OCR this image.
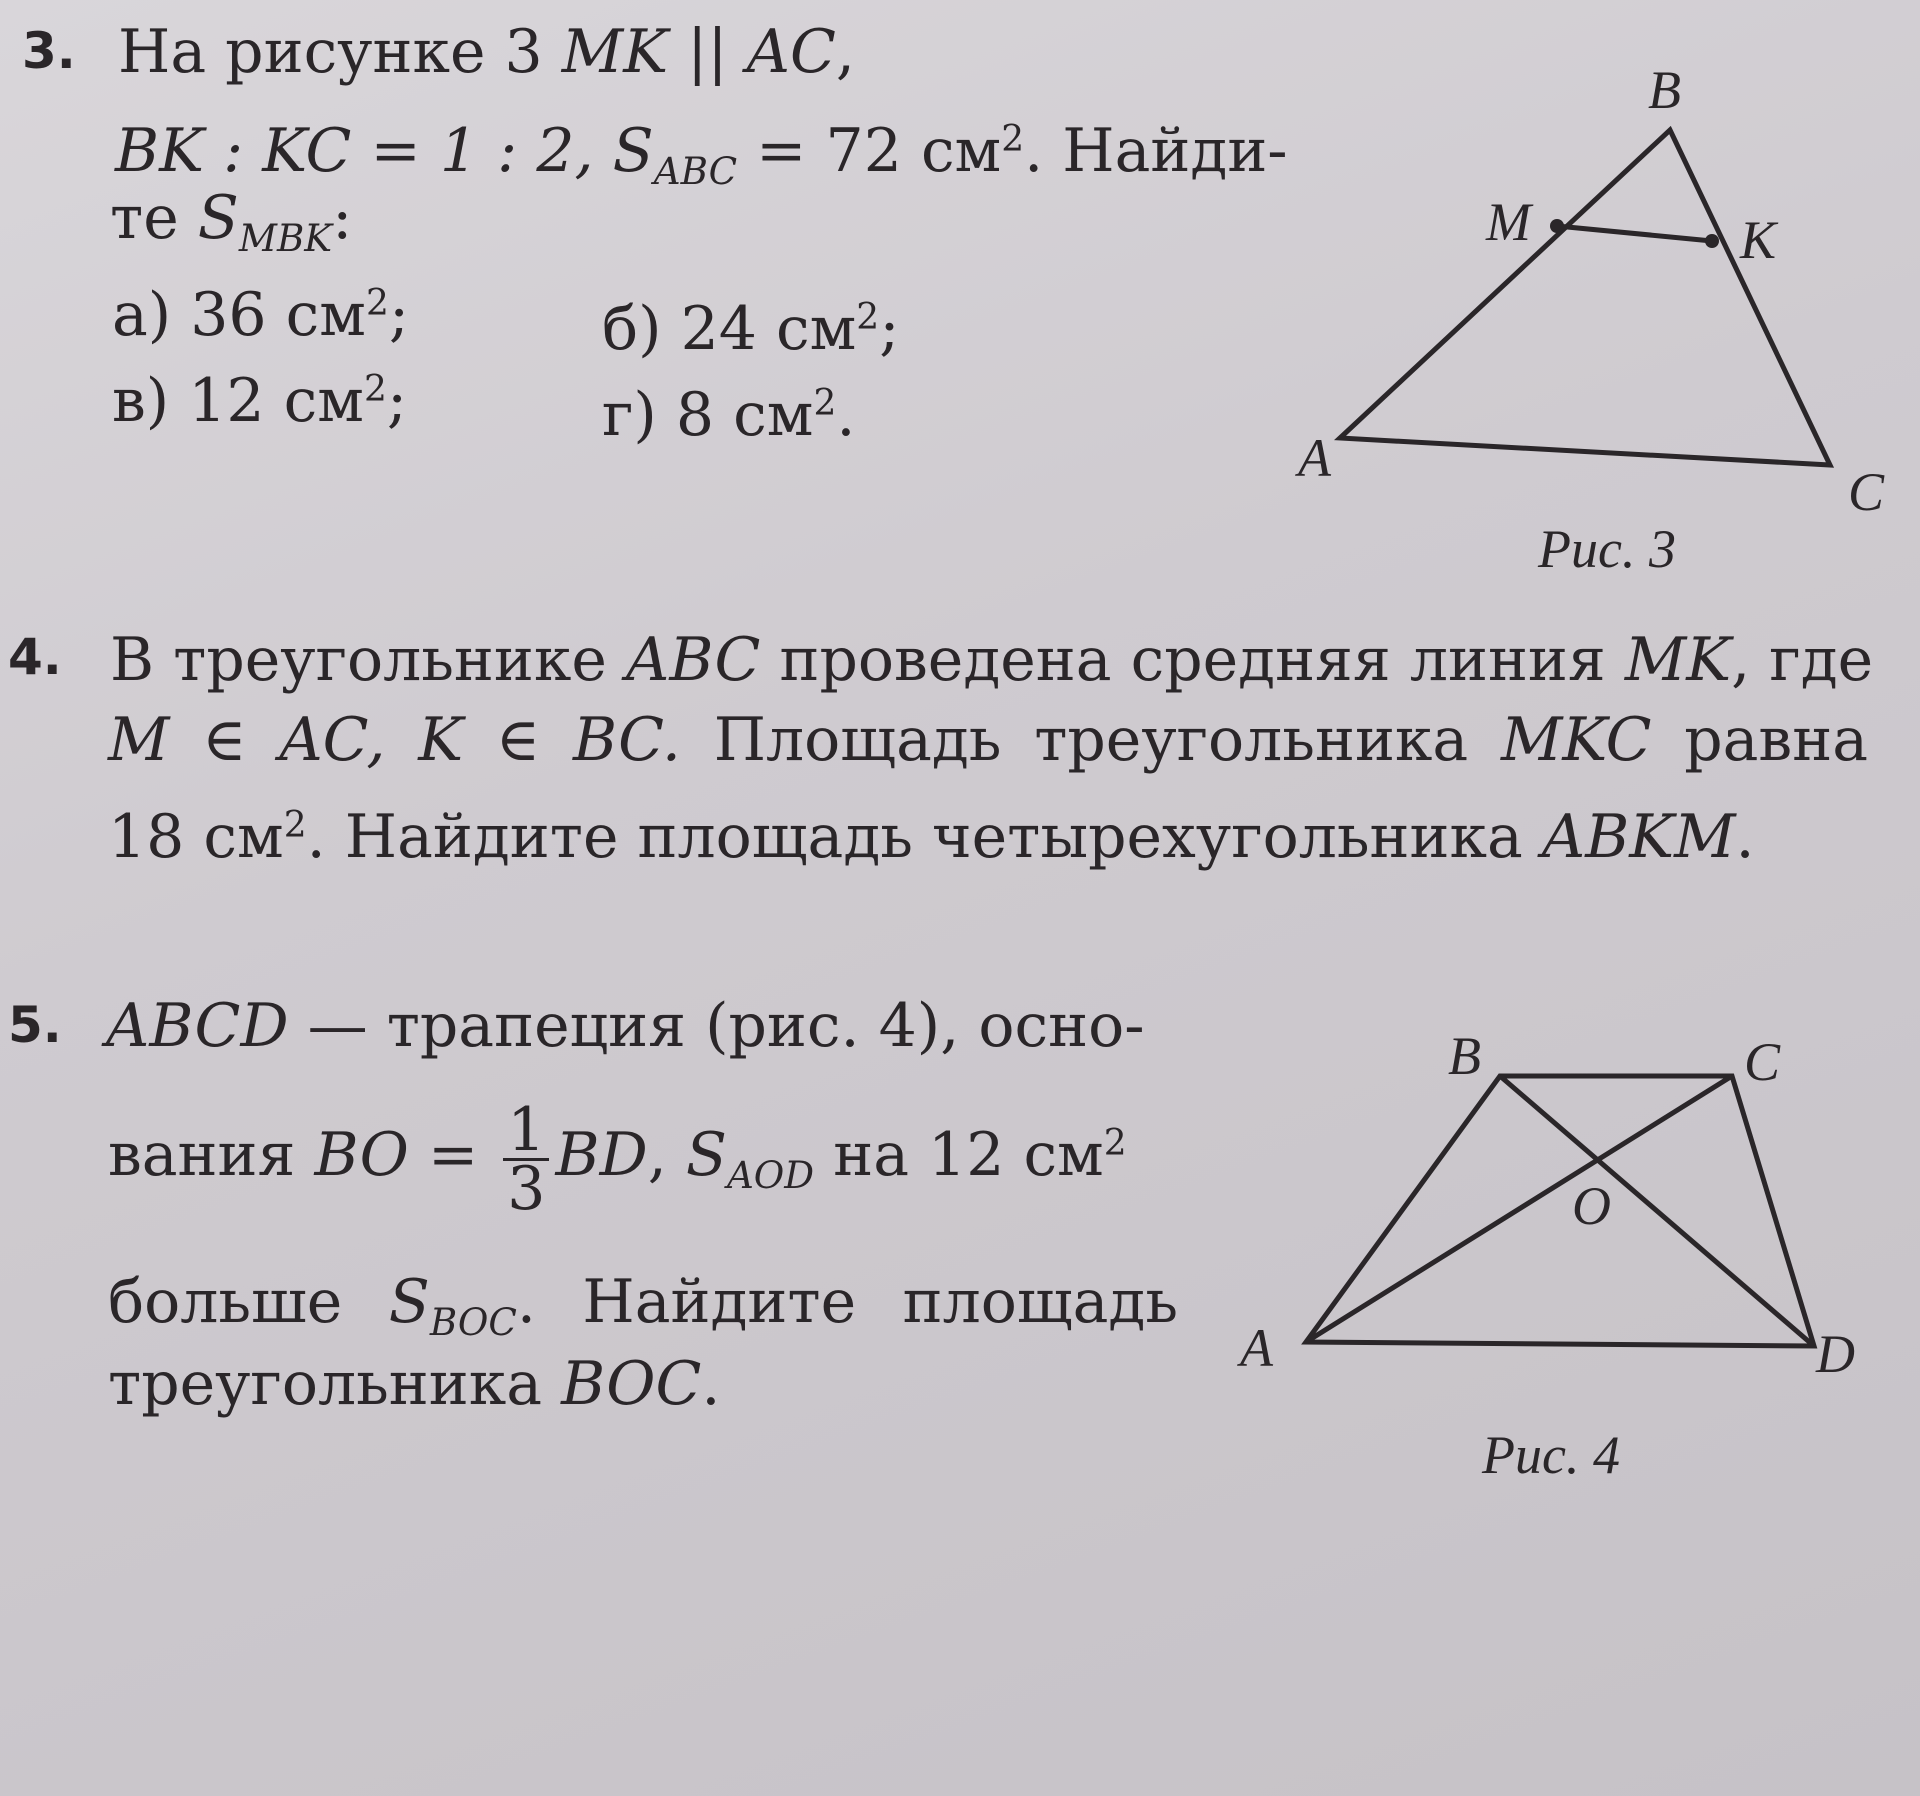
3. На рисунке 3 MK || AC,
BK : KC = 1 : 2, $S_{ABC} = 72$ $см^2$. Найди-
те $S_{MBK}$:
а) 36 $см^2$;	б) 24 $см^2$;
в) 12 $см^2$;	г) 8 $см^2$.
B
M	K
A
C
Рис. 3
4. В треугольнике ABC проведена средняя линия MK, где
M ∈ AC, K ∈ BC. Площадь треугольника MKC равна
18 $см^2$. Найдите площадь четырехугольника ABKM.
5. ABCD — трапеция (рис. 4), осно-
вания BO = $\frac{1}{3}$ BD, $S_{AOD}$ на 12 $см^2$
больше $S_{BOC}$. Найдите площадь
треугольника BOC.
B	C
O
A	D
Рис. 4
